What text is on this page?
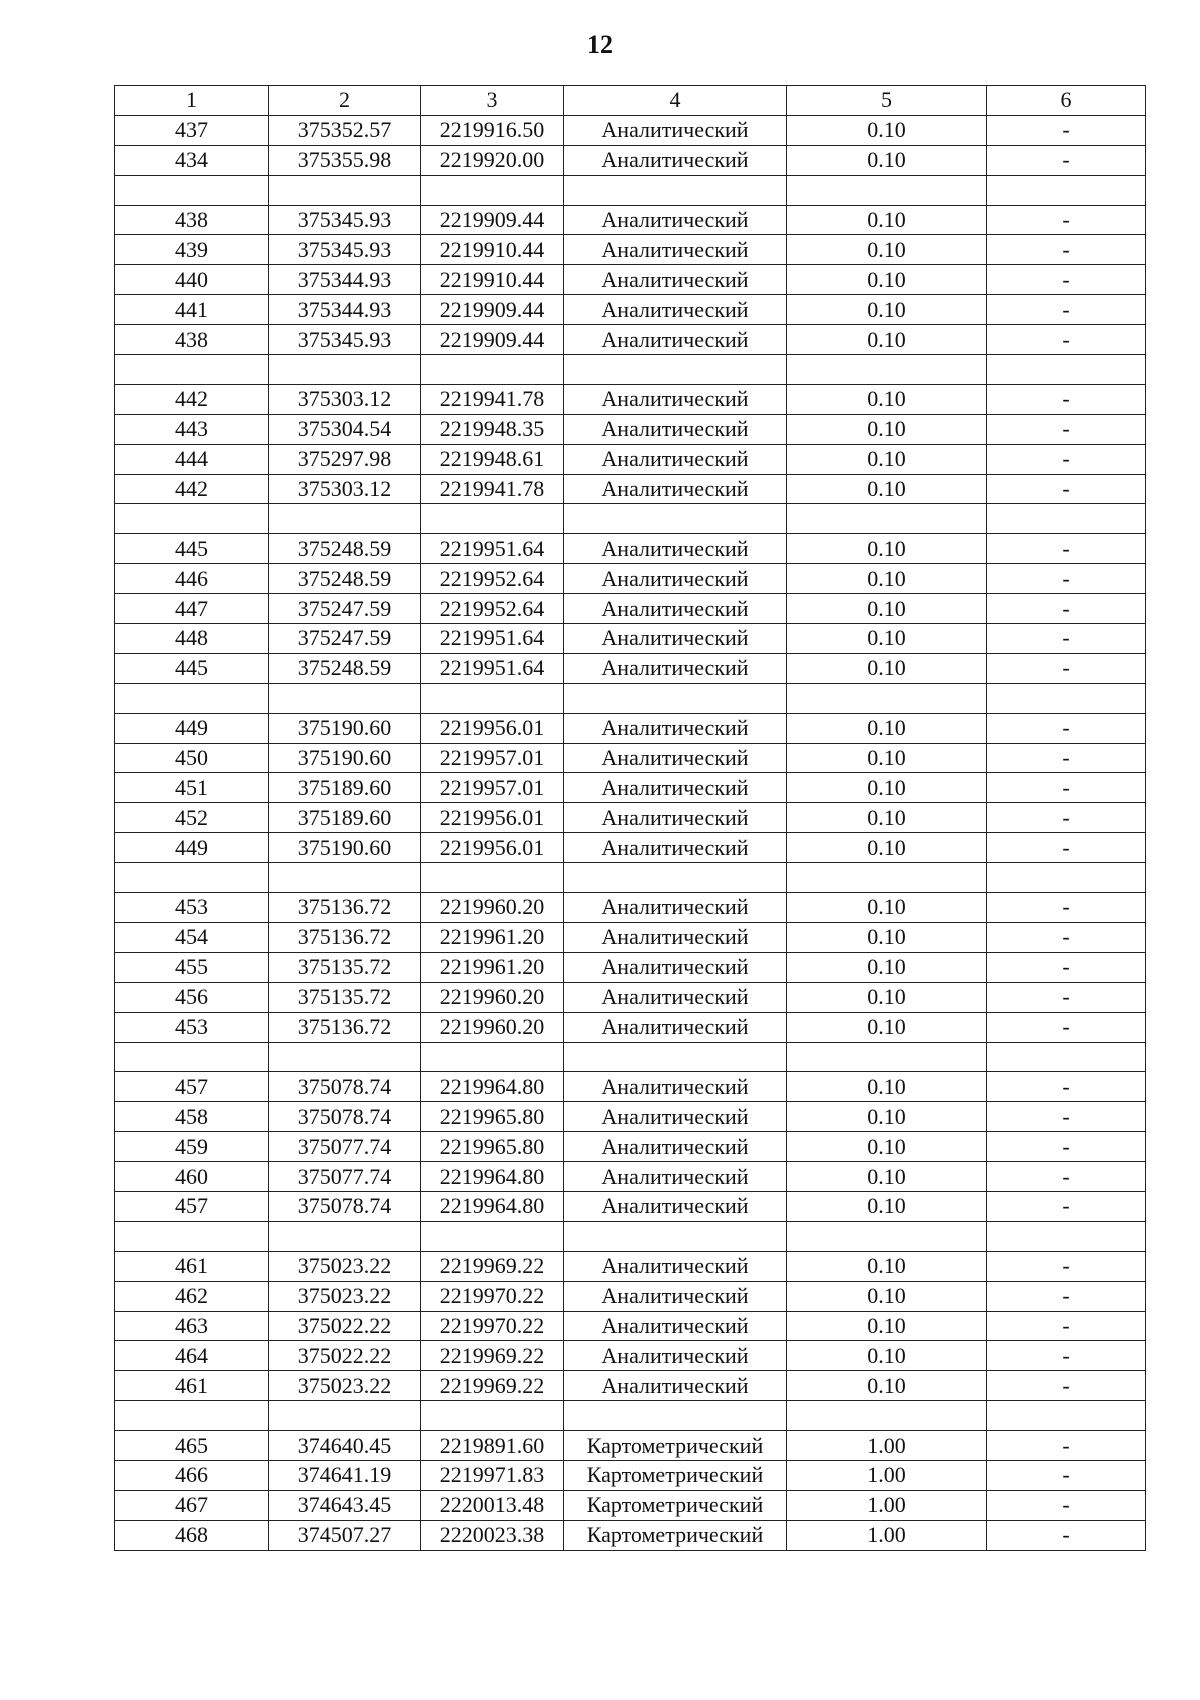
12
1	2	3	4	5	6
437	375352.57	2219916.50	Аналитический	0.10	-
434	375355.98	2219920.00	Аналитический	0.10	-

438	375345.93	2219909.44	Аналитический	0.10	-
439	375345.93	2219910.44	Аналитический	0.10	-
440	375344.93	2219910.44	Аналитический	0.10	-
441	375344.93	2219909.44	Аналитический	0.10	-
438	375345.93	2219909.44	Аналитический	0.10	-

442	375303.12	2219941.78	Аналитический	0.10	-
443	375304.54	2219948.35	Аналитический	0.10	-
444	375297.98	2219948.61	Аналитический	0.10	-
442	375303.12	2219941.78	Аналитический	0.10	-

445	375248.59	2219951.64	Аналитический	0.10	-
446	375248.59	2219952.64	Аналитический	0.10	-
447	375247.59	2219952.64	Аналитический	0.10	-
448	375247.59	2219951.64	Аналитический	0.10	-
445	375248.59	2219951.64	Аналитический	0.10	-

449	375190.60	2219956.01	Аналитический	0.10	-
450	375190.60	2219957.01	Аналитический	0.10	-
451	375189.60	2219957.01	Аналитический	0.10	-
452	375189.60	2219956.01	Аналитический	0.10	-
449	375190.60	2219956.01	Аналитический	0.10	-

453	375136.72	2219960.20	Аналитический	0.10	-
454	375136.72	2219961.20	Аналитический	0.10	-
455	375135.72	2219961.20	Аналитический	0.10	-
456	375135.72	2219960.20	Аналитический	0.10	-
453	375136.72	2219960.20	Аналитический	0.10	-

457	375078.74	2219964.80	Аналитический	0.10	-
458	375078.74	2219965.80	Аналитический	0.10	-
459	375077.74	2219965.80	Аналитический	0.10	-
460	375077.74	2219964.80	Аналитический	0.10	-
457	375078.74	2219964.80	Аналитический	0.10	-

461	375023.22	2219969.22	Аналитический	0.10	-
462	375023.22	2219970.22	Аналитический	0.10	-
463	375022.22	2219970.22	Аналитический	0.10	-
464	375022.22	2219969.22	Аналитический	0.10	-
461	375023.22	2219969.22	Аналитический	0.10	-

465	374640.45	2219891.60	Картометрический	1.00	-
466	374641.19	2219971.83	Картометрический	1.00	-
467	374643.45	2220013.48	Картометрический	1.00	-
468	374507.27	2220023.38	Картометрический	1.00	-
